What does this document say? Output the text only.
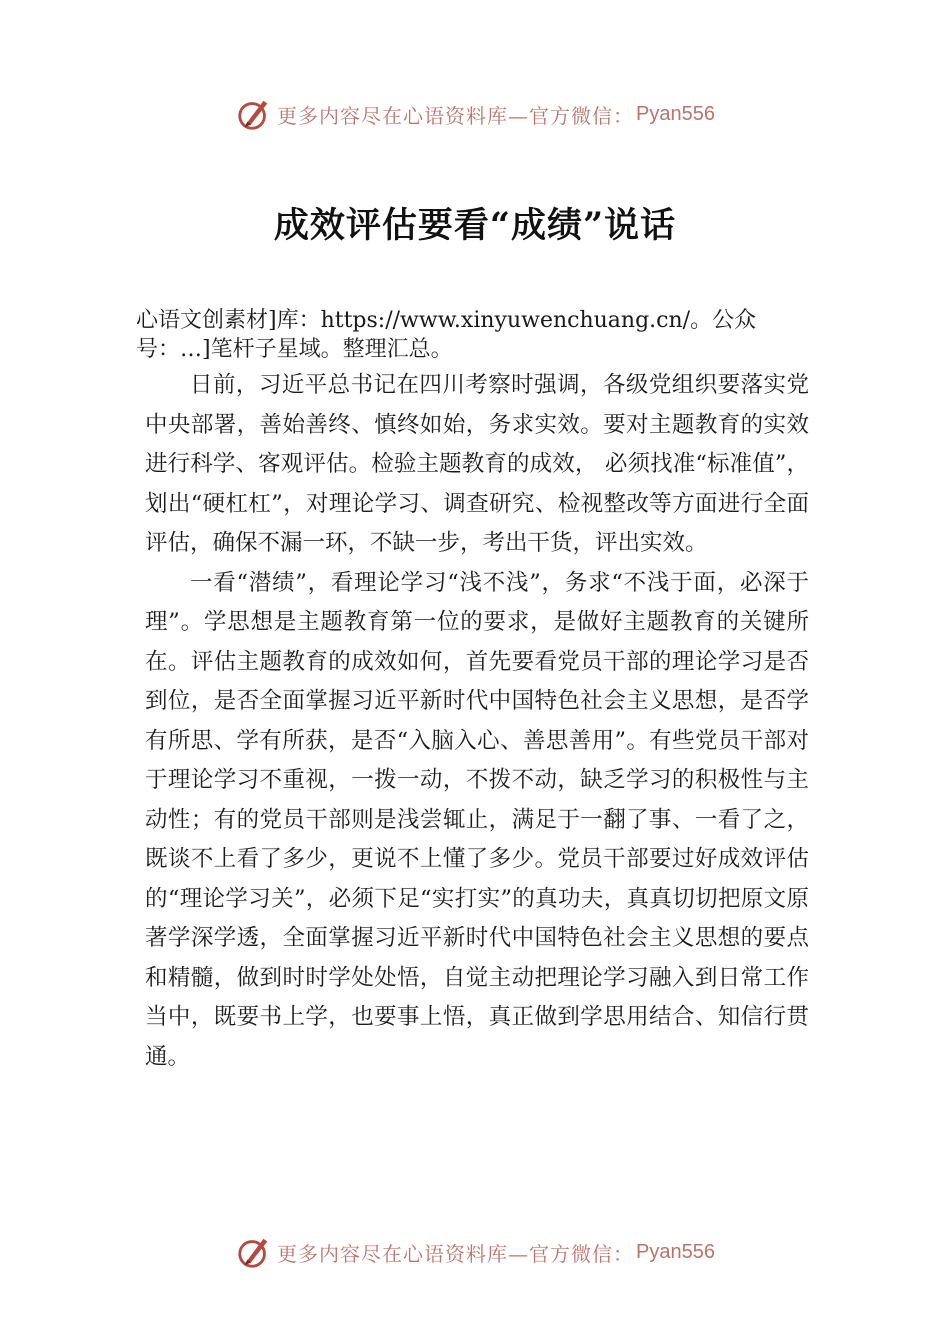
更多内容尽在心语资料库—官方微信： Pyan556
成效评估要看“成绩”说话
心语文创素材]库：https://www.xinyuwenchuang.cn/。公众号：…]笔杆子星域。整理汇总。

日前，习近平总书记在四川考察时强调，各级党组织要落实党中央部署，善始善终、慎终如始，务求实效。要对主题教育的实效进行科学、客观评估。检验主题教育的成效， 必须找准“标准值”，划出“硬杠杠”，对理论学习、调查研究、检视整改等方面进行全面评估，确保不漏一环，不缺一步，考出干货，评出实效。

一看“潜绩”，看理论学习“浅不浅”，务求“不浅于面，必深于理”。学思想是主题教育第一位的要求，是做好主题教育的关键所在。评估主题教育的成效如何，首先要看党员干部的理论学习是否到位，是否全面掌握习近平新时代中国特色社会主义思想，是否学有所思、学有所获，是否“入脑入心、善思善用”。有些党员干部对于理论学习不重视，一拨一动，不拨不动，缺乏学习的积极性与主动性；有的党员干部则是浅尝辄止，满足于一翻了事、一看了之，既谈不上看了多少，更说不上懂了多少。党员干部要过好成效评估的“理论学习关”，必须下足“实打实”的真功夫，真真切切把原文原著学深学透，全面掌握习近平新时代中国特色社会主义思想的要点和精髓，做到时时学处处悟，自觉主动把理论学习融入到日常工作当中，既要书上学，也要事上悟，真正做到学思用结合、知信行贯通。

更多内容尽在心语资料库—官方微信： Pyan556
